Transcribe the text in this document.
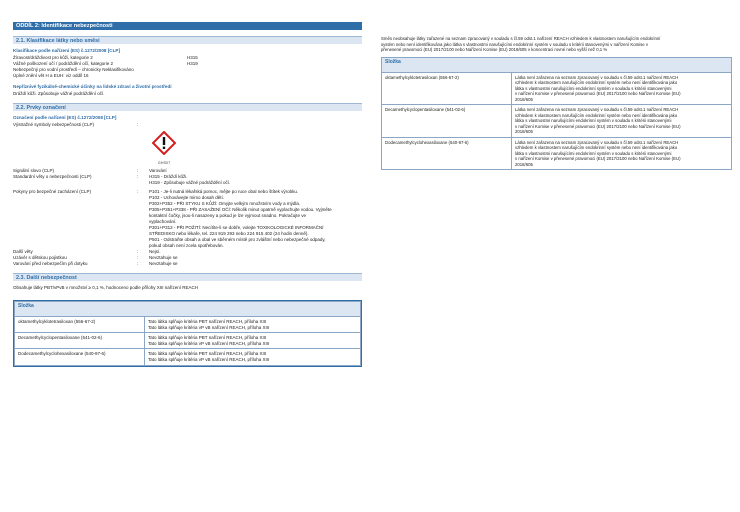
ODDÍL 2: Identifikace nebezpečnosti
2.1. Klasifikace látky nebo směsi
Klasifikace podle nařízení (ES) č.1272/2008 [CLP]
Žíravost/dráždivost pro kůži, kategorie 2	H315
Vážné poškození očí / podráždění očí, kategorie 2	H319
Nebezpečný pro vodní prostředí – chronicky Neklasifikováno
Úplné znění vět H a EUH: viz oddíl 16
Nepříznivé fyzikálně-chemické účinky na lidské zdraví a životní prostředí
Dráždí kůži. Způsobuje vážné podráždění očí.
2.2. Prvky označení
Označení podle nařízení (ES) č.1272/2008 [CLP]
Výstražné symboly nebezpečnosti (CLP)	:
GHS07
Signální slovo (CLP)	:	Varování
Standardní věty o nebezpečnosti (CLP)	:	H315 - Dráždí kůži.
H319 - Způsobuje vážné podráždění očí.
Pokyny pro bezpečné zacházení (CLP)	:	P101 - Je-li nutná lékařská pomoc, mějte po ruce obal nebo štítek výrobku.
P102 - Uchovávejte mimo dosah dětí.
P302+P352 - PŘI STYKU S KŮŽÍ: Omyjte velkým množstvím vody a mýdla.
P305+P351+P338 - PŘI ZASAŽENÍ OČÍ: Několik minut opatrně vyplachujte vodou. Vyjměte
kontaktní čočky, jsou-li nasazeny a pokud je lze vyjmout snadno. Pokračujte ve
vyplachování.
P301+P312 - PŘI POŽITÍ: Necítíte-li se dobře, volejte TOXIKOLOGICKÉ INFORMAČNÍ
STŘEDISKO nebo lékaře, tel. 224 919 293 nebo 224 915 402 (24 hodin denně).
P501 - Odstraňte obsah a obal ve sběrném místě pro zvláštní nebo nebezpečné odpady,
pokud obsah není zcela spotřebován.
Další věty	:	Nejsí.
Uzávěr s dětskou pojistkou	:	Nevztahuje se
Varování před nebezpečím při dotyku	:	Nevztahuje se
2.3. Další nebezpečnost
Obsahuje látky PBT/vPvB v množství ≥ 0,1 %, hodnoceno podle přílohy XIII nařízení REACH
Složka	
oktamethylcyklotetrasiloxan (556-67-2)	Tato látka splňuje kritéria PBT nařízení REACH, příloha XIII
Tato látka splňuje kritéria vP vB nařízení REACH, příloha XIII

Decamethylcyclopentasiloxane (541-02-6)	Tato látka splňuje kritéria PBT nařízení REACH, příloha XIII
Tato látka splňuje kritéria vP vB nařízení REACH, příloha XIII

Dodecamethylcyclohexasiloxane (540-97-6)	Tato látka splňuje kritéria PBT nařízení REACH, příloha XIII
Tato látka splňuje kritéria vP vB nařízení REACH, příloha XIII
Směs neobsahuje látky zařazené na seznam zpracovaný v souladu s čl.59 odst.1 nařízení REACH vzhledem k vlastnostem narušujícím endokrinní
systém nebo není identifikována jako látka s vlastnostmi narušujícími endokrinní systém v souladu s kritérii stanovenými v nařízení Komise v
přenesené pravomoci (EU) 2017/2100 nebo Nařízení Komise (EU) 2018/605 v koncentraci rovné nebo vyšší než 0,1 %
Složka	
oktamethylcyklotetrasiloxan (556-67-2)	Látka není zařazena na seznam zpracovaný v souladu s čl.59 odst.1 nařízení REACH
vzhledem k vlastnostem narušujícím endokrinní systém nebo není identifikována jako
látka s vlastnostmi narušujícími endokrinní systém v souladu s kritérii stanovenými
v nařízení Komise v přenesené pravomoci (EU) 2017/2100 nebo Nařízení Komise (EU)
2018/605

Decamethylcyclopentasiloxane (541-02-6)	Látka není zařazena na seznam zpracovaný v souladu s čl.59 odst.1 nařízení REACH
vzhledem k vlastnostem narušujícím endokrinní systém nebo není identifikována jako
látka s vlastnostmi narušujícími endokrinní systém v souladu s kritérii stanovenými
v nařízení Komise v přenesené pravomoci (EU) 2017/2100 nebo Nařízení Komise (EU)
2018/605

Dodecamethylcyclohexasiloxane (540-97-6)	Látka není zařazena na seznam zpracovaný v souladu s čl.59 odst.1 nařízení REACH
vzhledem k vlastnostem narušujícím endokrinní systém nebo není identifikována jako
látka s vlastnostmi narušujícími endokrinní systém v souladu s kritérii stanovenými
v nařízení Komise v přenesené pravomoci (EU) 2017/2100 nebo Nařízení Komise (EU)
2018/605
